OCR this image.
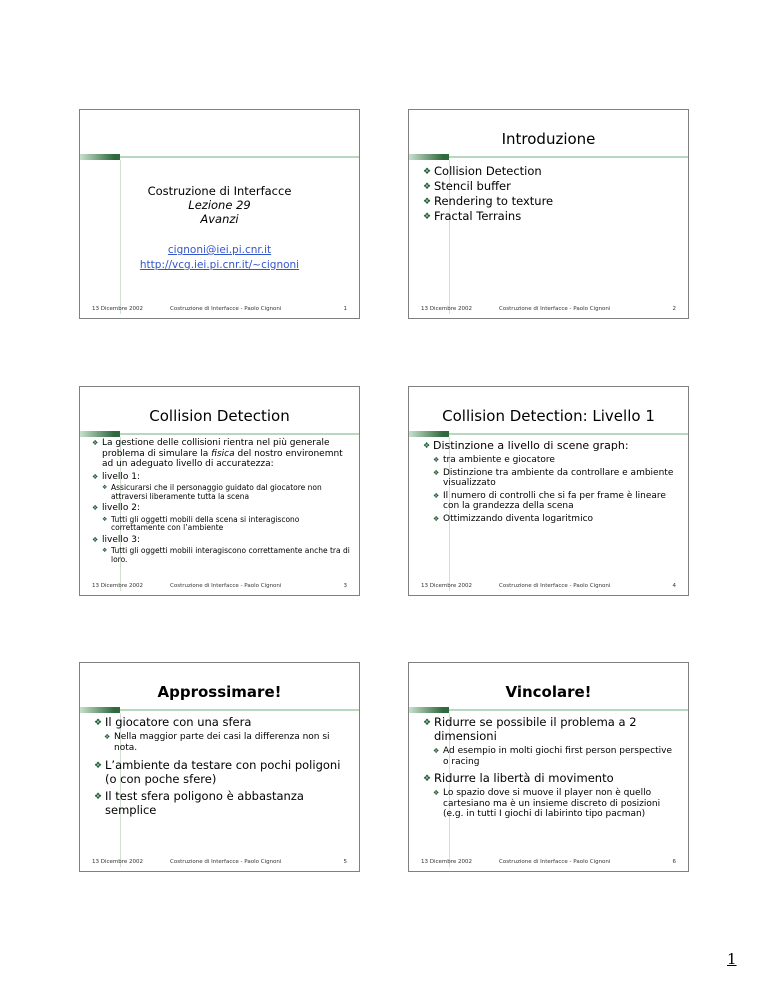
Costruzione di Interfacce
Lezione 29
Avanzi
cignoni@iei.pi.cnr.it
http://vcg.iei.pi.cnr.it/~cignoni
13 Dicembre 2002	Costruzione di Interfacce - Paolo Cignoni	1
Introduzione
❖ Collision Detection
❖ Stencil buffer
❖ Rendering to texture
❖ Fractal Terrains
13 Dicembre 2002	Costruzione di Interfacce - Paolo Cignoni	2
Collision Detection
❖ La gestione delle collisioni rientra nel più generale problema di simulare la fisica del nostro environemnt ad un adeguato livello di accuratezza:
❖ livello 1:
❖ Assicurarsi che il personaggio guidato dal giocatore non attraversi liberamente tutta la scena
❖ livello 2:
❖ Tutti gli oggetti mobili della scena si interagiscono correttamente con l’ambiente
❖ livello 3:
❖ Tutti gli oggetti mobili interagiscono correttamente anche tra di loro.
13 Dicembre 2002	Costruzione di Interfacce - Paolo Cignoni	3
Collision Detection: Livello 1
❖ Distinzione a livello di scene graph:
❖ tra ambiente e giocatore
❖ Distinzione tra ambiente da controllare e ambiente visualizzato
❖ Il numero di controlli che si fa per frame è lineare con la grandezza della scena
❖ Ottimizzando diventa logaritmico
13 Dicembre 2002	Costruzione di Interfacce - Paolo Cignoni	4
Approssimare!
❖ Il giocatore con una sfera
❖ Nella maggior parte dei casi la differenza non si nota.
❖ L’ambiente da testare con pochi poligoni (o con poche sfere)
❖ Il test sfera poligono è abbastanza semplice
13 Dicembre 2002	Costruzione di Interfacce - Paolo Cignoni	5
Vincolare!
❖ Ridurre se possibile il problema a 2 dimensioni
❖ Ad esempio in molti giochi first person perspective o racing
❖ Ridurre la libertà di movimento
❖ Lo spazio dove si muove il player non è quello cartesiano ma è un insieme discreto di posizioni (e.g. in tutti I giochi di labirinto tipo pacman)
13 Dicembre 2002	Costruzione di Interfacce - Paolo Cignoni	6
1
